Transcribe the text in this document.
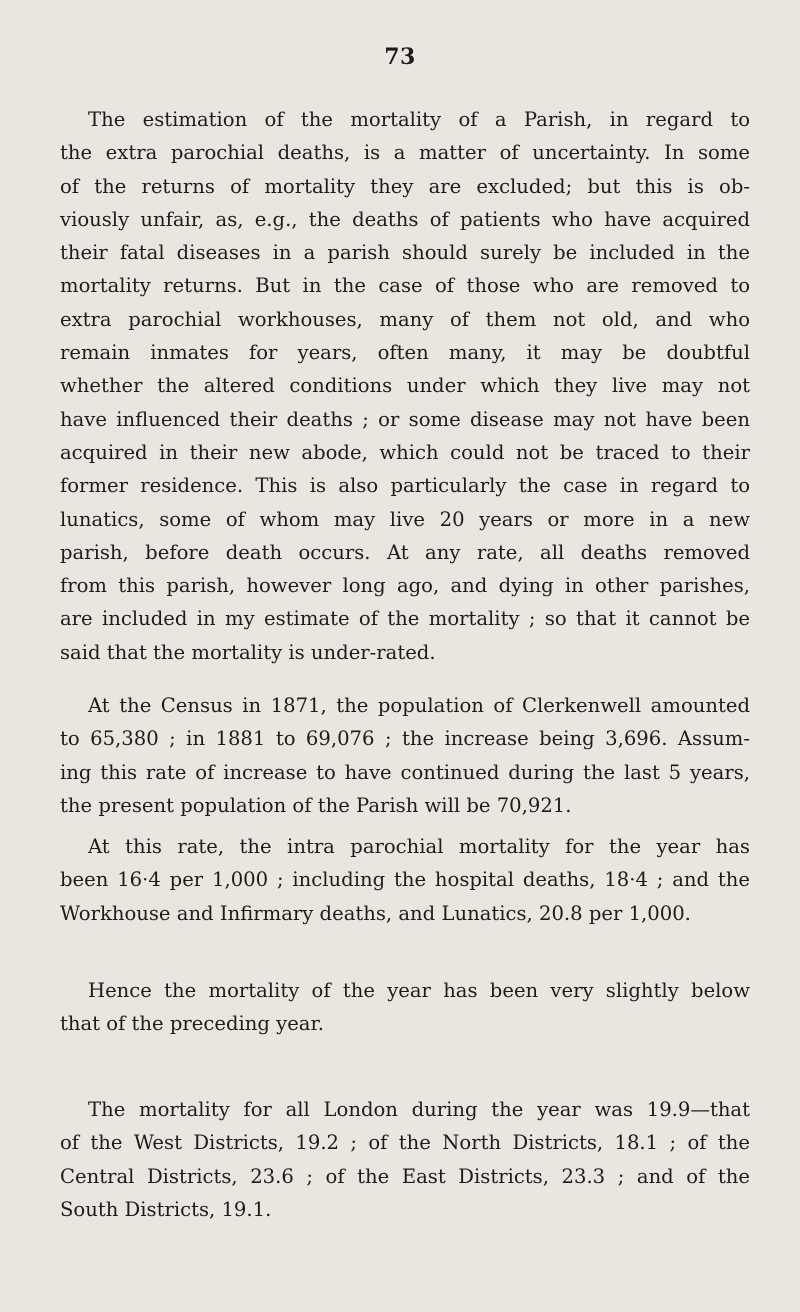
73
The estimation of the mortality of a Parish, in regard to
the extra parochial deaths, is a matter of uncertainty. In some
of the returns of mortality they are excluded; but this is ob-
viously unfair, as, e.g., the deaths of patients who have acquired
their fatal diseases in a parish should surely be included in the
mortality returns. But in the case of those who are removed to
extra parochial workhouses, many of them not old, and who
remain inmates for years, often many, it may be doubtful
whether the altered conditions under which they live may not
have influenced their deaths ; or some disease may not have been
acquired in their new abode, which could not be traced to their
former residence. This is also particularly the case in regard to
lunatics, some of whom may live 20 years or more in a new
parish, before death occurs. At any rate, all deaths removed
from this parish, however long ago, and dying in other parishes,
are included in my estimate of the mortality ; so that it cannot be
said that the mortality is under-rated.
At the Census in 1871, the population of Clerkenwell amounted
to 65,380 ; in 1881 to 69,076 ; the increase being 3,696. Assum-
ing this rate of increase to have continued during the last 5 years,
the present population of the Parish will be 70,921.
At this rate, the intra parochial mortality for the year has
been 16·4 per 1,000 ; including the hospital deaths, 18·4 ; and the
Workhouse and Infirmary deaths, and Lunatics, 20.8 per 1,000.
Hence the mortality of the year has been very slightly below
that of the preceding year.
The mortality for all London during the year was 19.9—that
of the West Districts, 19.2 ; of the North Districts, 18.1 ; of the
Central Districts, 23.6 ; of the East Districts, 23.3 ; and of the
South Districts, 19.1.
